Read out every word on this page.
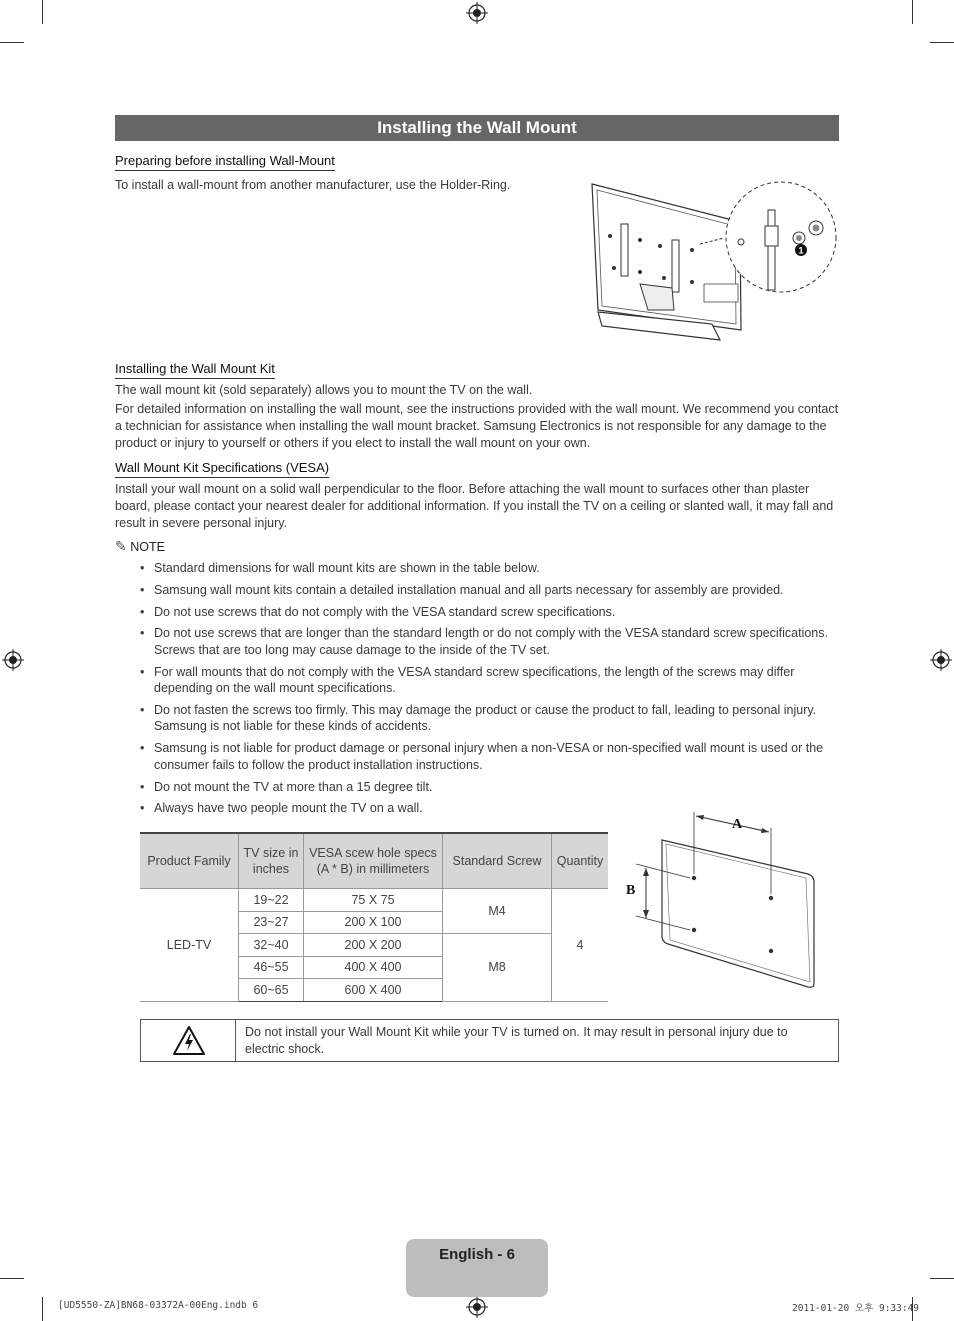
Installing the Wall Mount
Preparing before installing Wall-Mount

To install a wall-mount from another manufacturer, use the Holder-Ring.

1
Installing the Wall Mount Kit

The wall mount kit (sold separately) allows you to mount the TV on the wall.

For detailed information on installing the wall mount, see the instructions provided with the wall mount. We recommend you contact a technician for assistance when installing the wall mount bracket. Samsung Electronics is not responsible for any damage to the product or injury to yourself or others if you elect to install the wall mount on your own.

Wall Mount Kit Specifications (VESA)

Install your wall mount on a solid wall perpendicular to the floor. Before attaching the wall mount to surfaces other than plaster board, please contact your nearest dealer for additional information. If you install the TV on a ceiling or slanted wall, it may fall and result in severe personal injury.

✎ NOTE
• Standard dimensions for wall mount kits are shown in the table below.
• Samsung wall mount kits contain a detailed installation manual and all parts necessary for assembly are provided.
• Do not use screws that do not comply with the VESA standard screw specifications.
• Do not use screws that are longer than the standard length or do not comply with the VESA standard screw specifications. Screws that are too long may cause damage to the inside of the TV set.
• For wall mounts that do not comply with the VESA standard screw specifications, the length of the screws may differ depending on the wall mount specifications.
• Do not fasten the screws too firmly. This may damage the product or cause the product to fall, leading to personal injury. Samsung is not liable for these kinds of accidents.
• Samsung is not liable for product damage or personal injury when a non-VESA or non-specified wall mount is used or the consumer fails to follow the product installation instructions.
• Do not mount the TV at more than a 15 degree tilt.
• Always have two people mount the TV on a wall.
Product Family	TV size in inches	VESA scew hole specs (A * B) in millimeters	Standard Screw	Quantity
LED-TV	19~22	75 X 75	M4	4
	23~27	200 X 100		
	32~40	200 X 200	M8	
	46~55	400 X 400		
	60~65	600 X 400		
A
B
Do not install your Wall Mount Kit while your TV is turned on. It may result in personal injury due to electric shock.
English - 6
[UD5550-ZA]BN68-03372A-00Eng.indb 6	2011-01-20 오후 9:33:49
